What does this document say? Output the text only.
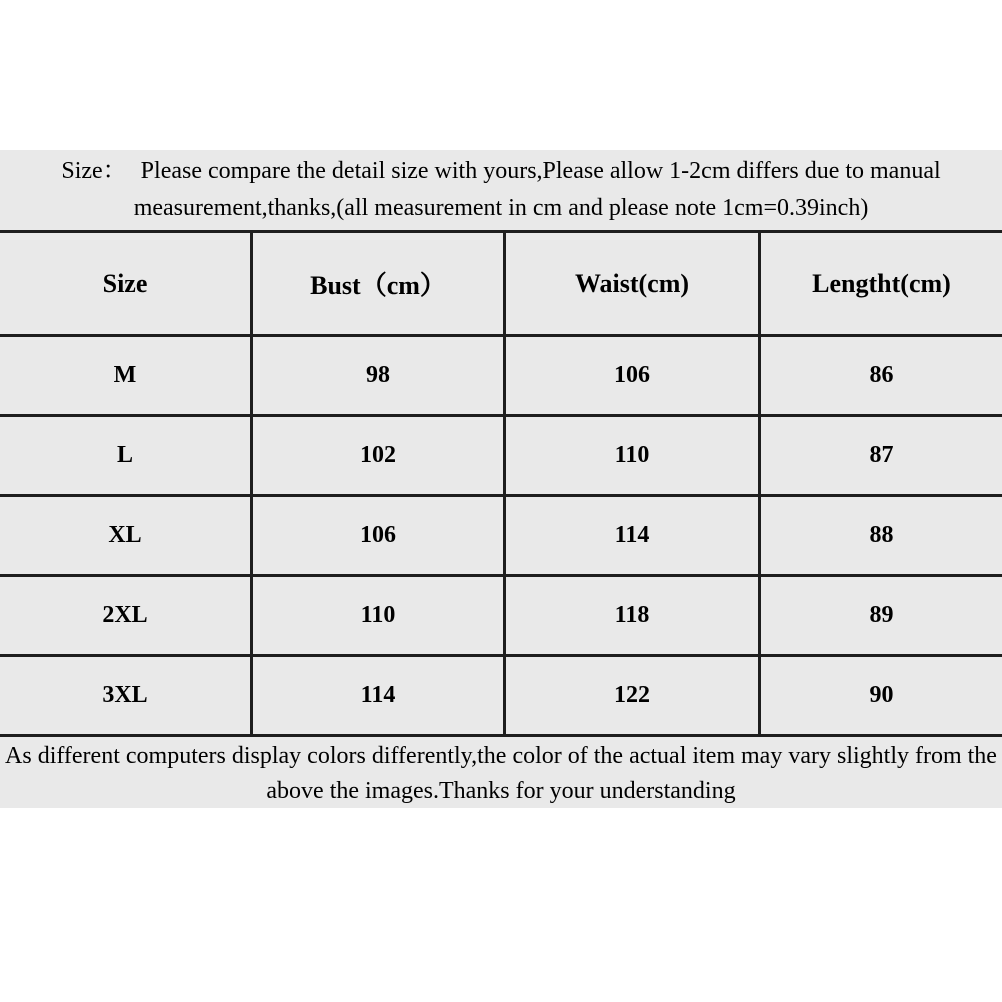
Size： Please compare the detail size with yours,Please allow 1-2cm differs due to manual measurement,thanks,(all measurement in cm and please note 1cm=0.39inch)
Size	Bust（cm）	Waist(cm)	Lengtht(cm)
M	98	106	86
L	102	110	87
XL	106	114	88
2XL	110	118	89
3XL	114	122	90
As different computers display colors differently,the color of the actual item may vary slightly from the above the images.Thanks for your understanding
